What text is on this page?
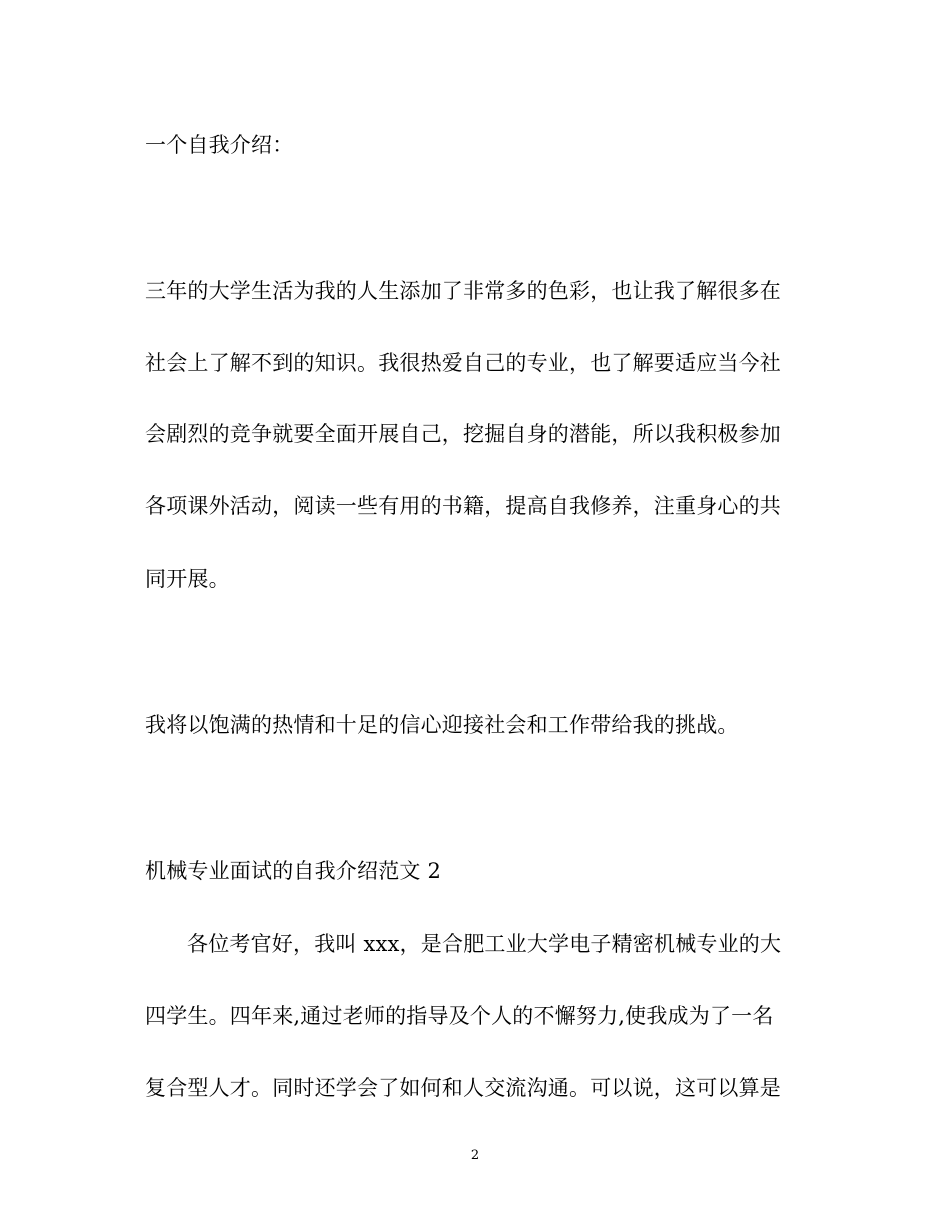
一个自我介绍：
三年的大学生活为我的人生添加了非常多的色彩，也让我了解很多在
社会上了解不到的知识。我很热爱自己的专业，也了解要适应当今社
会剧烈的竞争就要全面开展自己，挖掘自身的潜能，所以我积极参加
各项课外活动，阅读一些有用的书籍，提高自我修养，注重身心的共
同开展。
我将以饱满的热情和十足的信心迎接社会和工作带给我的挑战。
机械专业面试的自我介绍范文 2
各位考官好，我叫 xxx，是合肥工业大学电子精密机械专业的大
四学生。四年来,通过老师的指导及个人的不懈努力,使我成为了一名
复合型人才。同时还学会了如何和人交流沟通。可以说，这可以算是
2
